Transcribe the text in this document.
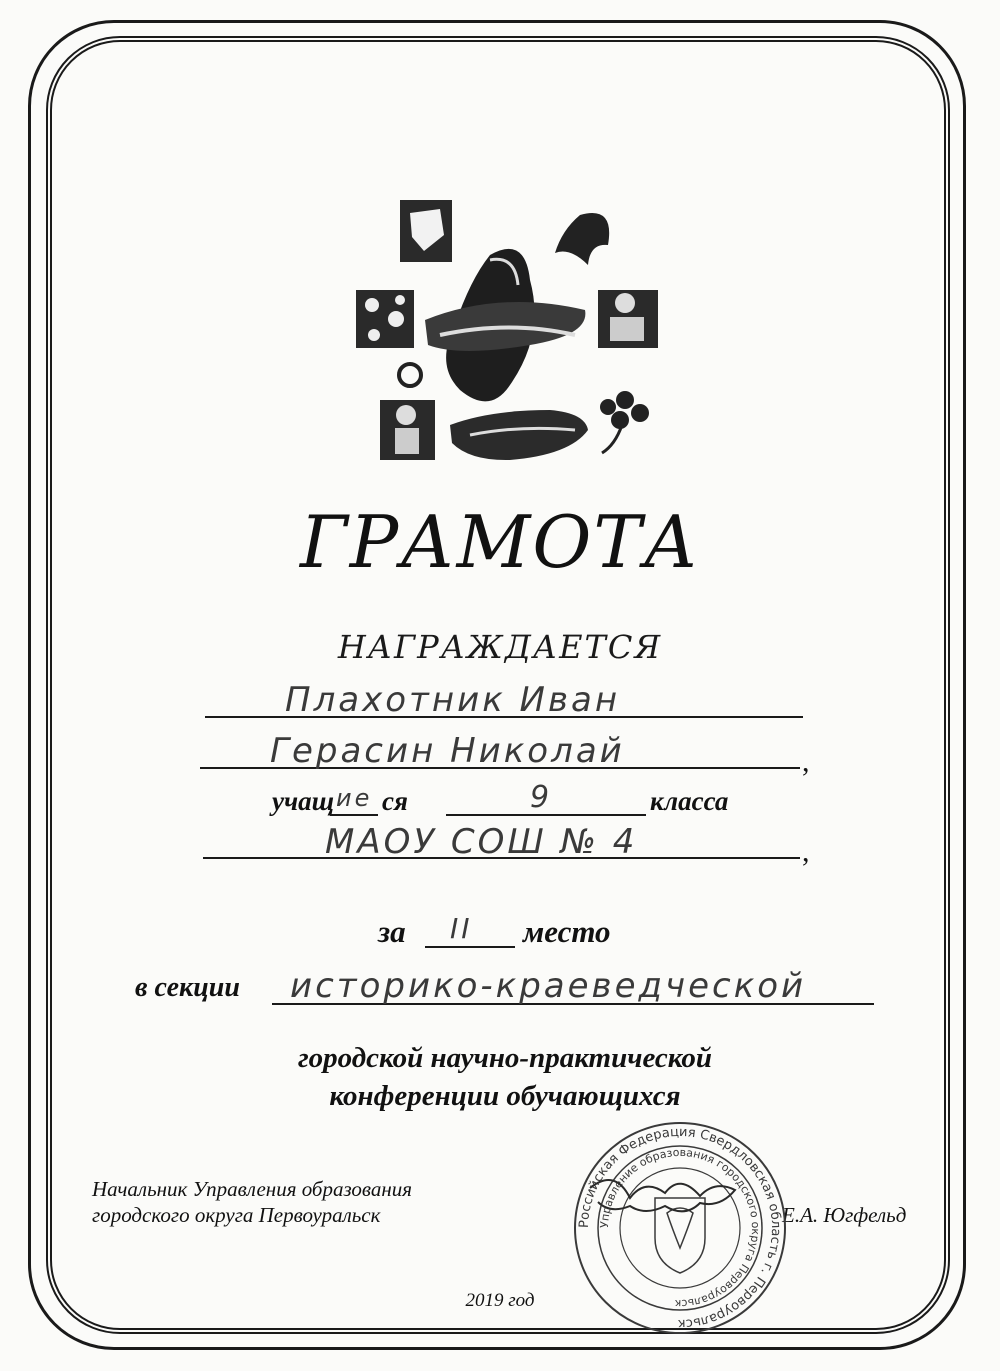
ГРАМОТА
НАГРАЖДАЕТСЯ
Плахотник Иван
Герасин Николай	,
учащ ие ся	9	класса
МАОУ СОШ № 4	,
за II место
в секции историко-краеведческой
городской научно-практической
конференции обучающихся
Начальник Управления образования
городского округа Первоуральск	Е.А. Югфельд
Российская Федерация Свердловская область г. Первоуральск
Управление образования городского округа Первоуральск
2019 год
